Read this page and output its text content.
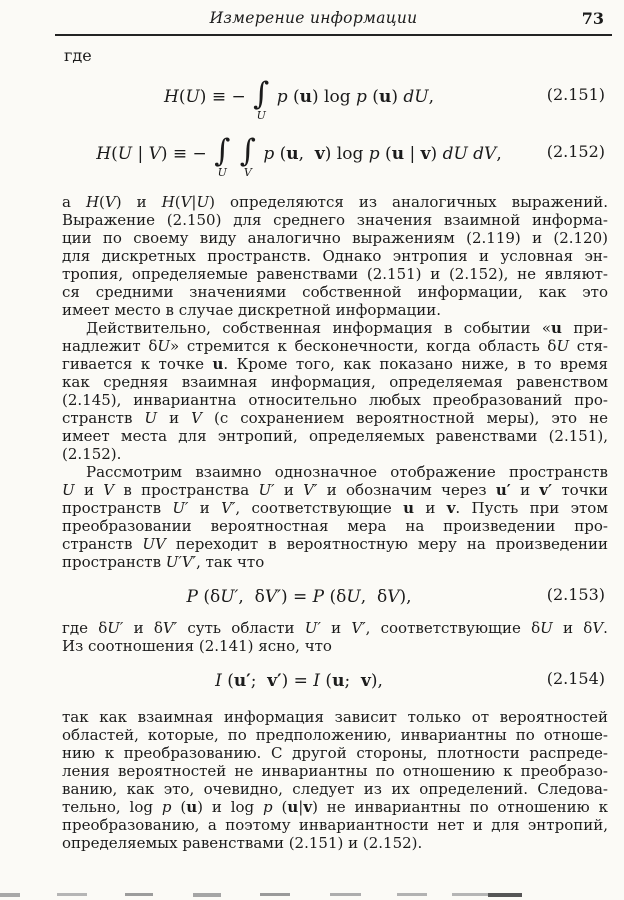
Измерение информации	73
где
H(U) ≡ − ∫
U
p (u) log p (u) dU,	(2.151)
H(U | V) ≡ − ∫
U

∫
V
p (u,  v) log p (u | v) dU dV,	(2.152)
а H(V) и H(V|U) определяются из аналогичных выражений.
Выражение (2.150) для среднего значения взаимной информа-
ции по своему виду аналогично выражениям (2.119) и (2.120)
для дискретных пространств. Однако энтропия и условная эн-
тропия, определяемые равенствами (2.151) и (2.152), не являют-
ся средними значениями собственной информации, как это
имеет место в случае дискретной информации.
Действительно, собственная информация в событии «u при-
надлежит δU» стремится к бесконечности, когда область δU стя-
гивается к точке u. Кроме того, как показано ниже, в то время
как средняя взаимная информация, определяемая равенством
(2.145), инвариантна относительно любых преобразований про-
странств U и V (с сохранением вероятностной меры), это не
имеет места для энтропий, определяемых равенствами (2.151),
(2.152).
Рассмотрим взаимно однозначное отображение пространств
U и V в пространства U′ и V′ и обозначим через u′ и v′ точки
пространств U′ и V′, соответствующие u и v. Пусть при этом
преобразовании вероятностная мера на произведении про-
странств UV переходит в вероятностную меру на произведении
пространств U′V′, так что
P (δU′,  δV′) = P (δU,  δV),	(2.153)
где δU′ и δV′ суть области U′ и V′, соответствующие δU и δV.
Из соотношения (2.141) ясно, что
I (u′;  v′) = I (u;  v),	(2.154)
так как взаимная информация зависит только от вероятностей
областей, которые, по предположению, инвариантны по отноше-
нию к преобразованию. С другой стороны, плотности распреде-
ления вероятностей не инвариантны по отношению к преобразо-
ванию, как это, очевидно, следует из их определений. Следова-
тельно, log p (u) и log p (u|v) не инвариантны по отношению к
преобразованию, а поэтому инвариантности нет и для энтропий,
определяемых равенствами (2.151) и (2.152).
